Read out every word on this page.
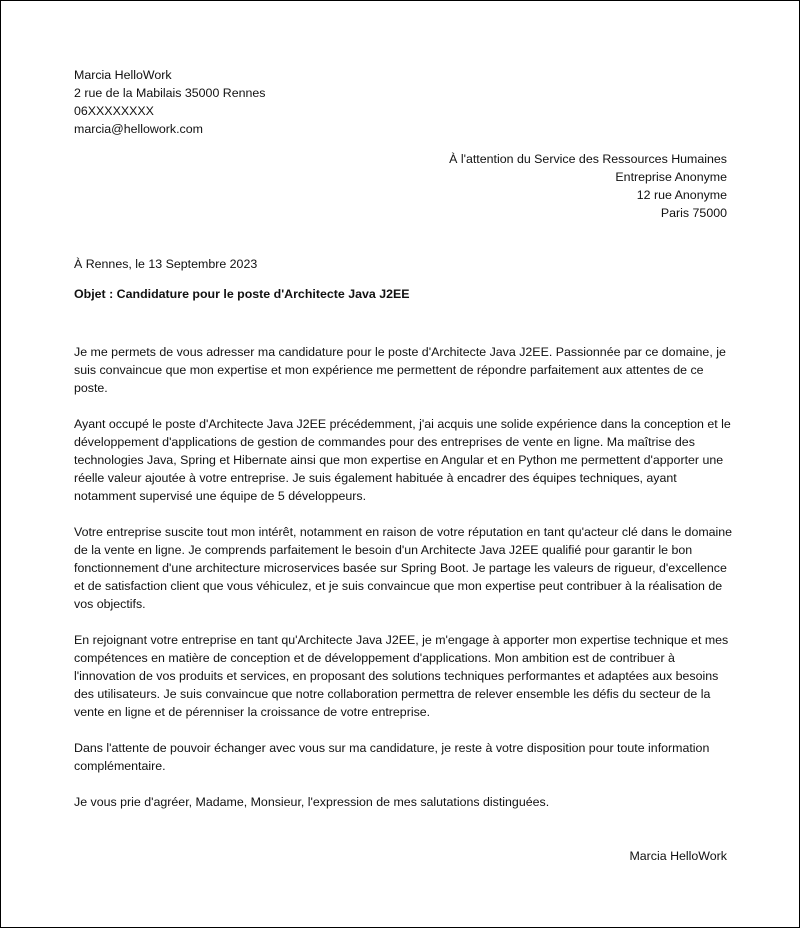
Marcia HelloWork
2 rue de la Mabilais 35000 Rennes
06XXXXXXXX
marcia@hellowork.com
À l'attention du Service des Ressources Humaines
Entreprise Anonyme
12 rue Anonyme
Paris 75000
À Rennes, le 13 Septembre 2023
Objet : Candidature pour le poste d'Architecte Java J2EE

Je me permets de vous adresser ma candidature pour le poste d'Architecte Java J2EE. Passionnée par ce domaine, je suis convaincue que mon expertise et mon expérience me permettent de répondre parfaitement aux attentes de ce poste.

Ayant occupé le poste d'Architecte Java J2EE précédemment, j'ai acquis une solide expérience dans la conception et le développement d'applications de gestion de commandes pour des entreprises de vente en ligne. Ma maîtrise des technologies Java, Spring et Hibernate ainsi que mon expertise en Angular et en Python me permettent d'apporter une réelle valeur ajoutée à votre entreprise. Je suis également habituée à encadrer des équipes techniques, ayant notamment supervisé une équipe de 5 développeurs.

Votre entreprise suscite tout mon intérêt, notamment en raison de votre réputation en tant qu'acteur clé dans le domaine de la vente en ligne. Je comprends parfaitement le besoin d'un Architecte Java J2EE qualifié pour garantir le bon fonctionnement d'une architecture microservices basée sur Spring Boot. Je partage les valeurs de rigueur, d'excellence et de satisfaction client que vous véhiculez, et je suis convaincue que mon expertise peut contribuer à la réalisation de vos objectifs.

En rejoignant votre entreprise en tant qu'Architecte Java J2EE, je m'engage à apporter mon expertise technique et mes compétences en matière de conception et de développement d'applications. Mon ambition est de contribuer à l'innovation de vos produits et services, en proposant des solutions techniques performantes et adaptées aux besoins des utilisateurs. Je suis convaincue que notre collaboration permettra de relever ensemble les défis du secteur de la vente en ligne et de pérenniser la croissance de votre entreprise.

Dans l'attente de pouvoir échanger avec vous sur ma candidature, je reste à votre disposition pour toute information complémentaire.

Je vous prie d'agréer, Madame, Monsieur, l'expression de mes salutations distinguées.

Marcia HelloWork
